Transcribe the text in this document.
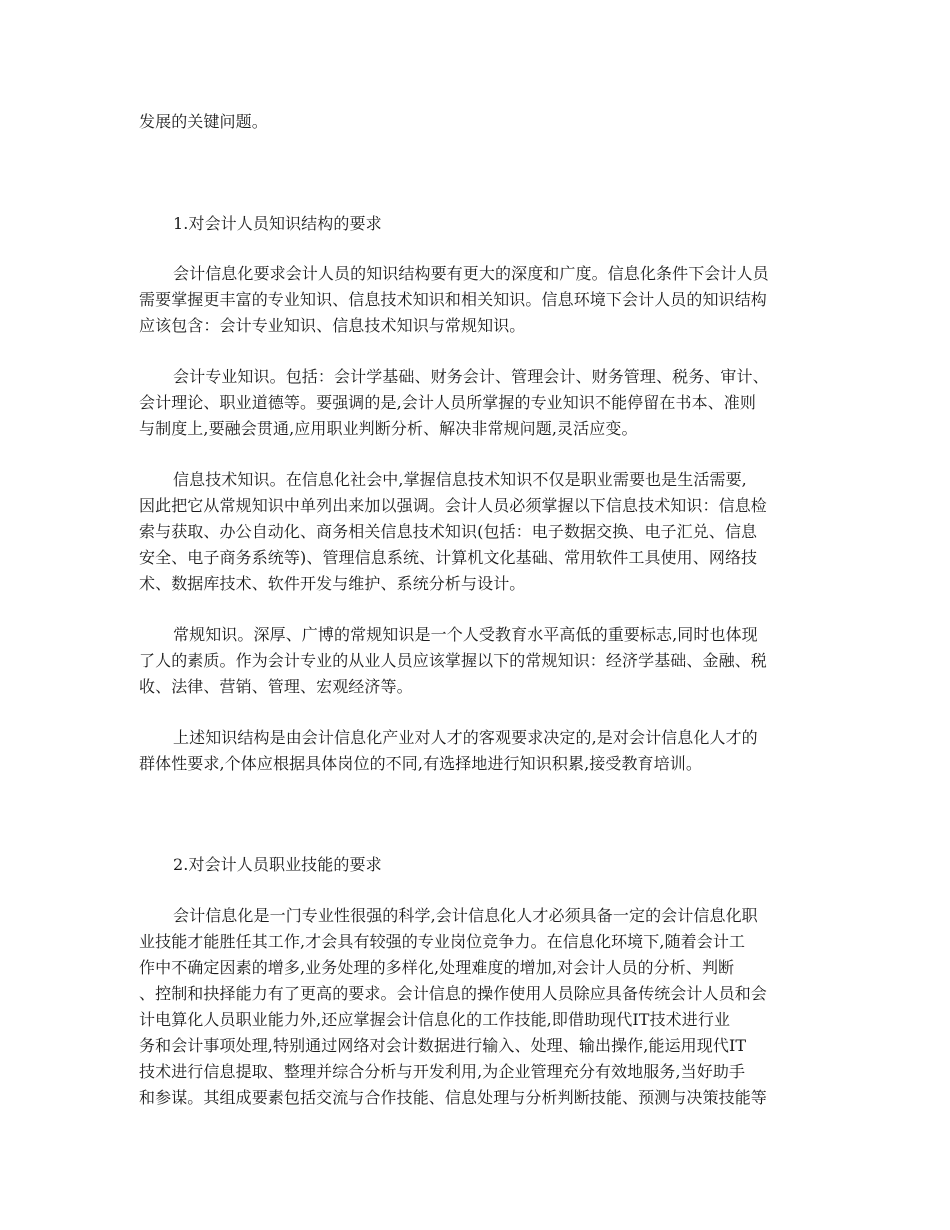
发展的关键问题。
1.对会计人员知识结构的要求
会计信息化要求会计人员的知识结构要有更大的深度和广度。信息化条件下会计人员
需要掌握更丰富的专业知识、信息技术知识和相关知识。信息环境下会计人员的知识结构
应该包含：会计专业知识、信息技术知识与常规知识。
会计专业知识。包括：会计学基础、财务会计、管理会计、财务管理、税务、审计、
会计理论、职业道德等。要强调的是,会计人员所掌握的专业知识不能停留在书本、准则
与制度上,要融会贯通,应用职业判断分析、解决非常规问题,灵活应变。
信息技术知识。在信息化社会中,掌握信息技术知识不仅是职业需要也是生活需要,
因此把它从常规知识中单列出来加以强调。会计人员必须掌握以下信息技术知识：信息检
索与获取、办公自动化、商务相关信息技术知识(包括：电子数据交换、电子汇兑、信息
安全、电子商务系统等)、管理信息系统、计算机文化基础、常用软件工具使用、网络技
术、数据库技术、软件开发与维护、系统分析与设计。
常规知识。深厚、广博的常规知识是一个人受教育水平高低的重要标志,同时也体现
了人的素质。作为会计专业的从业人员应该掌握以下的常规知识：经济学基础、金融、税
收、法律、营销、管理、宏观经济等。
上述知识结构是由会计信息化产业对人才的客观要求决定的,是对会计信息化人才的
群体性要求,个体应根据具体岗位的不同,有选择地进行知识积累,接受教育培训。
2.对会计人员职业技能的要求
会计信息化是一门专业性很强的科学,会计信息化人才必须具备一定的会计信息化职
业技能才能胜任其工作,才会具有较强的专业岗位竞争力。在信息化环境下,随着会计工
作中不确定因素的增多,业务处理的多样化,处理难度的增加,对会计人员的分析、判断
、控制和抉择能力有了更高的要求。会计信息的操作使用人员除应具备传统会计人员和会
计电算化人员职业能力外,还应掌握会计信息化的工作技能,即借助现代IT技术进行业
务和会计事项处理,特别通过网络对会计数据进行输入、处理、输出操作,能运用现代IT
技术进行信息提取、整理并综合分析与开发利用,为企业管理充分有效地服务,当好助手
和参谋。其组成要素包括交流与合作技能、信息处理与分析判断技能、预测与决策技能等
